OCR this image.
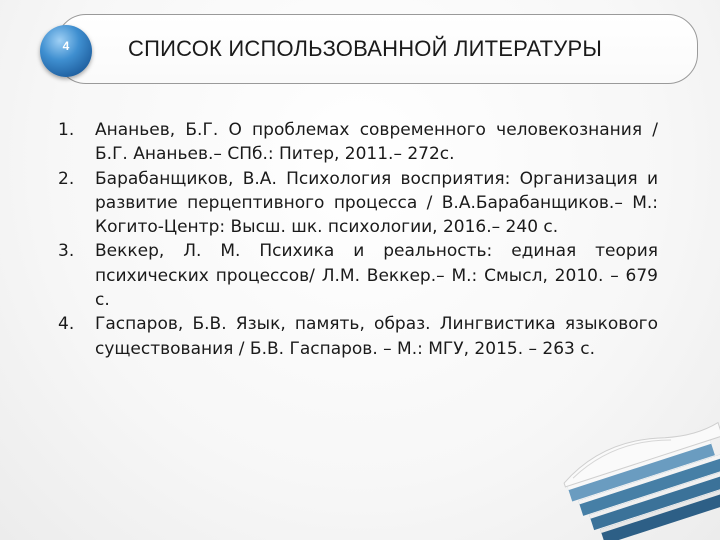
4	СПИСОК ИСПОЛЬЗОВАННОЙ ЛИТЕРАТУРЫ
1. Ананьев, Б.Г. О проблемах современного человекознания / Б.Г. Ананьев.– СПб.: Питер, 2011.– 272с.
2. Барабанщиков, В.А. Психология восприятия: Организация и развитие перцептивного процесса / В.А.Барабанщиков.– М.: Когито-Центр: Высш. шк. психологии, 2016.– 240 с.
3. Веккер, Л. М. Психика и реальность: единая теория психических процессов/ Л.М. Веккер.– М.: Смысл, 2010. – 679 с.
4. Гаспаров, Б.В. Язык, память, образ. Лингвистика языкового существования / Б.В. Гаспаров. – М.: МГУ, 2015. – 263 с.
